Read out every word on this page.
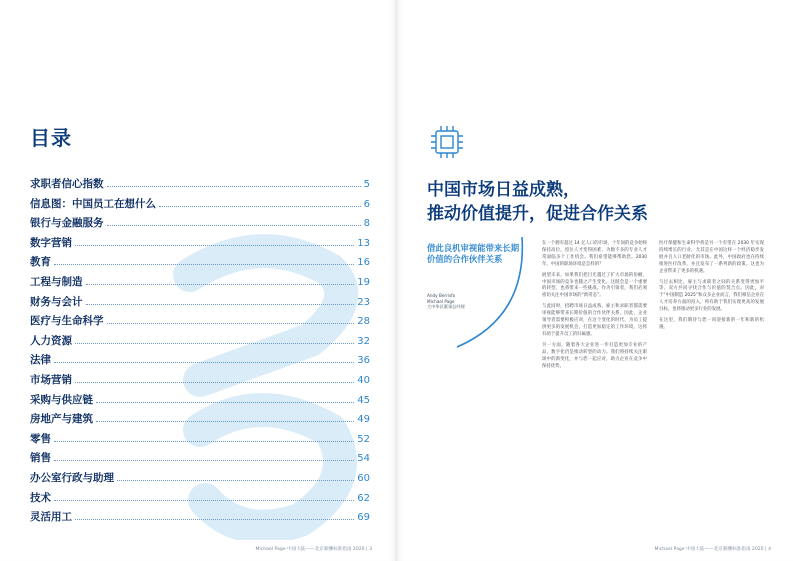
目录
求职者信心指数	5
信息图：中国员工在想什么	6
银行与金融服务	8
数字营销	13
教育	16
工程与制造	19
财务与会计	23
医疗与生命科学	28
人力资源	32
法律	36
市场营销	40
采购与供应链	45
房地产与建筑	49
零售	52
销售	54
办公室行政与助理	60
技术	62
灵活用工	69
Michael Page 中国大陆——北京薪酬标准指南 2020 | 3
中国市场日益成熟，
推动价值提升，促进合作关系
借此良机审视能带来长期价值的合作伙伴关系
Andy Berrisfo
Michael Page
大中华区董事总经理

在一个拥有超过 14 亿人口的市场，十年间的竞争始终保持高位。留住人才变得困难，为数不多的专业人才常面临多个工作机会。我们希望能够帮助您。2030 年，中国的职场环境是怎样的？

展望未来，如果我们把目光越过了扩大市场的份额，中国市场的竞争也随之产生变化。这既会是一个重要的转型，也将带来一些挑战。作为引领者，我们必须密切关注中国市场的“新常态”。

与此同时，招聘市场日益成熟，雇主和求职者都需要审视能够带来长期价值的合作伙伴关系。因此，企业领导者需要积极应对，在这个变化的时代，为员工提供更多的发展机会，打造更加稳定的工作环境，这将有助于提升员工的归属感。

另一方面，随着各大企业进一步打造更加专业的产品，数字化仍是推动转型的动力。我们将持续关注职场中的新变化，并与您一起应对，助力企业在竞争中保持优势。

医疗保健和生命科学将是另一个有望在 2030 年实现持续增长的行业。尤其是在中国这样一个经济稳步发展并且人口老龄化的市场。此外，中国政府也在持续推进医疗改革，并且发布了一系列新的政策。这也为企业带来了更多的机遇。

与过去相比，雇主与求职者之间的关系变得更加平等，双方共同寻找合作与价值的契合点。因此，对于“中国制造 2025”和众多企业而言，我们相信企业在人才培养方面的投入，将有助于我们实现更高的发展目标，也将推动更多行业的发展。

在这里，我们期待与您一同迎接新的一年和新的机遇。

Michael Page 中国大陆——北京薪酬标准指南 2020 | 4
